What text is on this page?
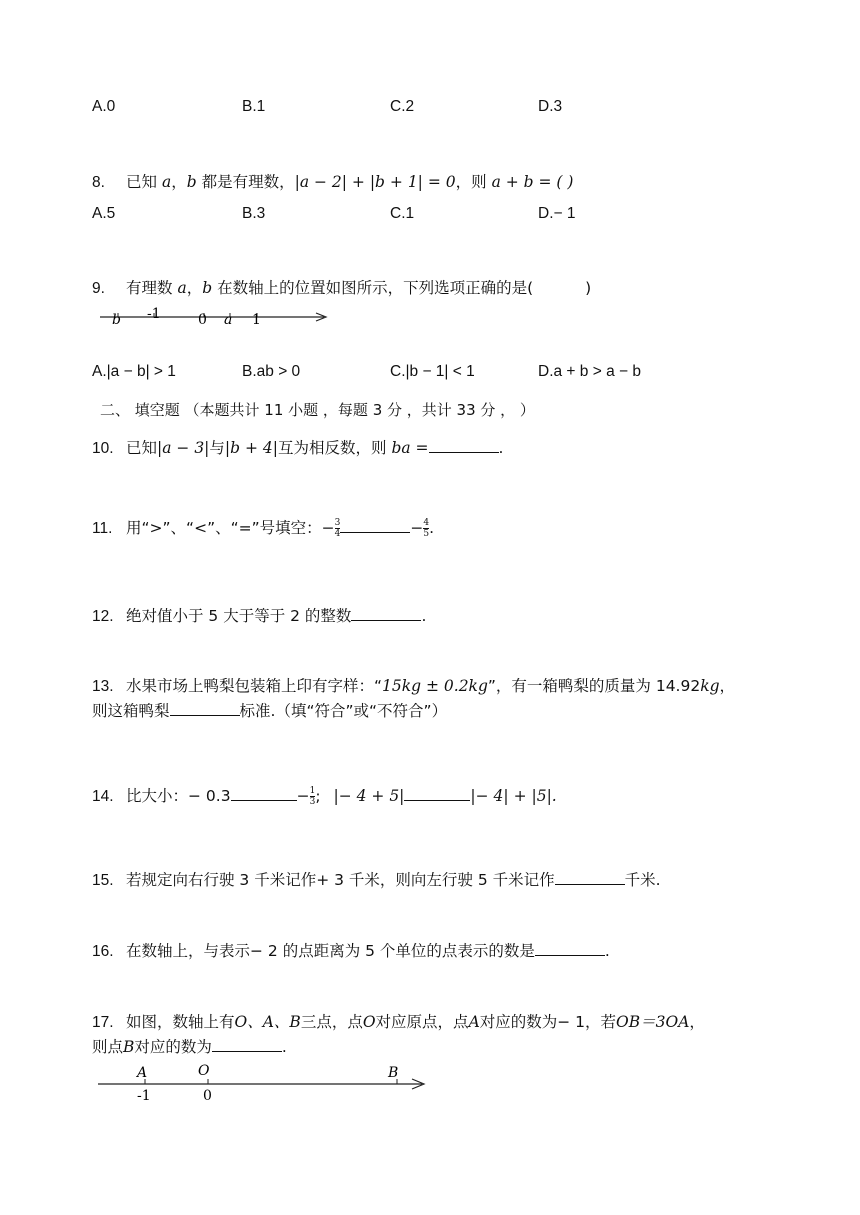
A.0	B.1	C.2	D.3
8. 已知 a，b 都是有理数，|a − 2| + |b + 1| = 0，则 a + b = ( )
A.5	B.3	C.1	D.− 1
9. 有理数 a，b 在数轴上的位置如图所示，下列选项正确的是(	)
b -1	0 a 1
A.|a − b| > 1	B.ab > 0	C.|b − 1| < 1	D.a + b > a − b
二、 填空题 （本题共计 11 小题 ，每题 3 分 ，共计 33 分 ， ）
10. 已知|a − 3|与|b + 4|互为相反数，则 ba =	.
11. 用“>”、“<”、“=”号填空：− $\frac{3}{4}$	− $\frac{4}{5}$ .
12. 绝对值小于 5 大于等于 2 的整数	.
13. 水果市场上鸭梨包装箱上印有字样：“15kg ± 0.2kg”，有一箱鸭梨的质量为 14.92kg，
则这箱鸭梨	标准.（填“符合”或“不符合”）
14. 比大小：− 0.3	− $\frac{1}{3}$ ; |− 4 + 5|	|− 4| + |5|.
15. 若规定向右行驶 3 千米记作+ 3 千米，则向左行驶 5 千米记作	千米.
16. 在数轴上，与表示− 2 的点距离为 5 个单位的点表示的数是	.
17. 如图，数轴上有O、A、B三点，点O对应原点，点A对应的数为− 1，若OB＝3OA，
则点B对应的数为	.
A	O	B
-1	0
